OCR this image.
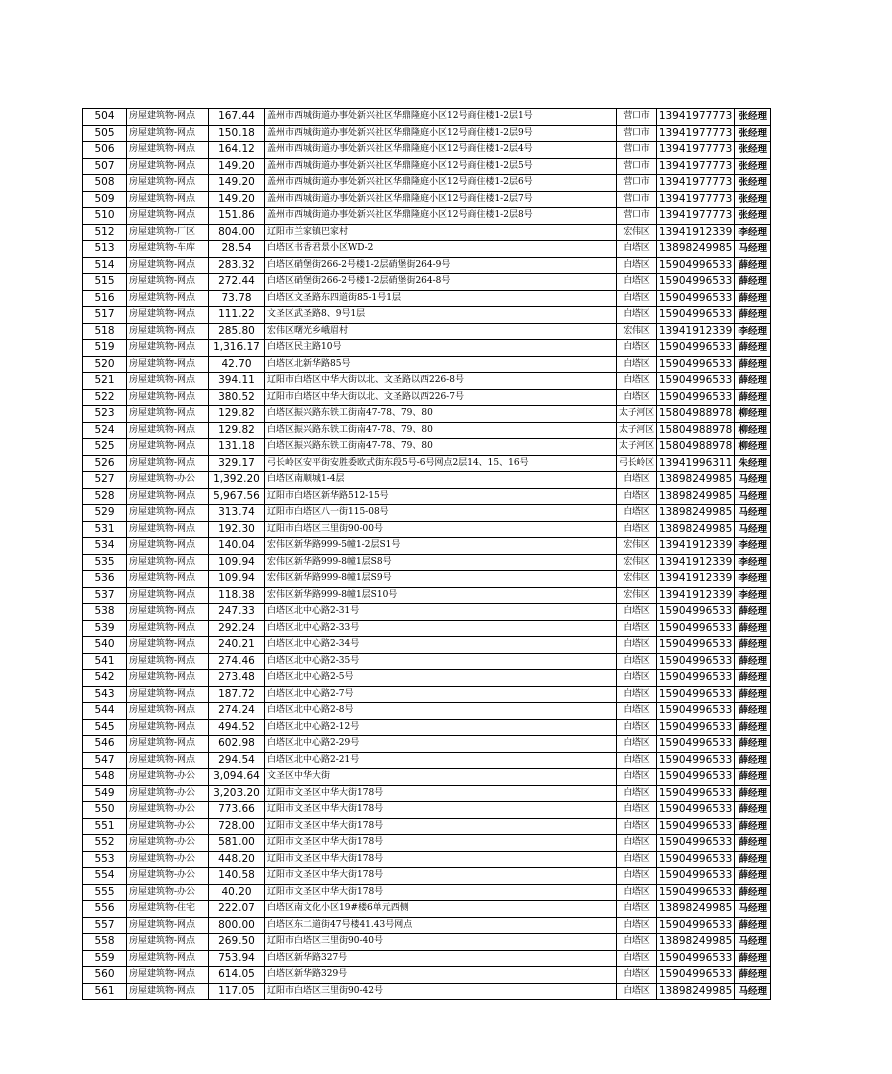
504	房屋建筑物-网点	167.44	盖州市西城街道办事处新兴社区华鼎隆庭小区12号商住楼1-2层1号	营口市	13941977773	张经理
505	房屋建筑物-网点	150.18	盖州市西城街道办事处新兴社区华鼎隆庭小区12号商住楼1-2层9号	营口市	13941977773	张经理
506	房屋建筑物-网点	164.12	盖州市西城街道办事处新兴社区华鼎隆庭小区12号商住楼1-2层4号	营口市	13941977773	张经理
507	房屋建筑物-网点	149.20	盖州市西城街道办事处新兴社区华鼎隆庭小区12号商住楼1-2层5号	营口市	13941977773	张经理
508	房屋建筑物-网点	149.20	盖州市西城街道办事处新兴社区华鼎隆庭小区12号商住楼1-2层6号	营口市	13941977773	张经理
509	房屋建筑物-网点	149.20	盖州市西城街道办事处新兴社区华鼎隆庭小区12号商住楼1-2层7号	营口市	13941977773	张经理
510	房屋建筑物-网点	151.86	盖州市西城街道办事处新兴社区华鼎隆庭小区12号商住楼1-2层8号	营口市	13941977773	张经理
512	房屋建筑物-厂区	804.00	辽阳市兰家镇巴家村	宏伟区	13941912339	李经理
513	房屋建筑物-车库	28.54	白塔区书香君景小区WD-2	白塔区	13898249985	马经理
514	房屋建筑物-网点	283.32	白塔区硝堡街266-2号楼1-2层硝堡街264-9号	白塔区	15904996533	薛经理
515	房屋建筑物-网点	272.44	白塔区硝堡街266-2号楼1-2层硝堡街264-8号	白塔区	15904996533	薛经理
516	房屋建筑物-网点	73.78	白塔区文圣路东四道街85-1号1层	白塔区	15904996533	薛经理
517	房屋建筑物-网点	111.22	文圣区武圣路8、9号1层	白塔区	15904996533	薛经理
518	房屋建筑物-网点	285.80	宏伟区曙光乡峨眉村	宏伟区	13941912339	李经理
519	房屋建筑物-网点	1,316.17	白塔区民主路10号	白塔区	15904996533	薛经理
520	房屋建筑物-网点	42.70	白塔区北新华路85号	白塔区	15904996533	薛经理
521	房屋建筑物-网点	394.11	辽阳市白塔区中华大街以北、文圣路以西226-8号	白塔区	15904996533	薛经理
522	房屋建筑物-网点	380.52	辽阳市白塔区中华大街以北、文圣路以西226-7号	白塔区	15904996533	薛经理
523	房屋建筑物-网点	129.82	白塔区振兴路东铁工街南47-78、79、80	太子河区	15804988978	柳经理
524	房屋建筑物-网点	129.82	白塔区振兴路东铁工街南47-78、79、80	太子河区	15804988978	柳经理
525	房屋建筑物-网点	131.18	白塔区振兴路东铁工街南47-78、79、80	太子河区	15804988978	柳经理
526	房屋建筑物-网点	329.17	弓长岭区安平街安胜委欧式街东段5号-6号网点2层14、15、16号	弓长岭区	13941996311	朱经理
527	房屋建筑物-办公	1,392.20	白塔区南顺城1-4层	白塔区	13898249985	马经理
528	房屋建筑物-网点	5,967.56	辽阳市白塔区新华路512-15号	白塔区	13898249985	马经理
529	房屋建筑物-网点	313.74	辽阳市白塔区八一街115-08号	白塔区	13898249985	马经理
531	房屋建筑物-网点	192.30	辽阳市白塔区三里街90-00号	白塔区	13898249985	马经理
534	房屋建筑物-网点	140.04	宏伟区新华路999-5幢1-2层S1号	宏伟区	13941912339	李经理
535	房屋建筑物-网点	109.94	宏伟区新华路999-8幢1层S8号	宏伟区	13941912339	李经理
536	房屋建筑物-网点	109.94	宏伟区新华路999-8幢1层S9号	宏伟区	13941912339	李经理
537	房屋建筑物-网点	118.38	宏伟区新华路999-8幢1层S10号	宏伟区	13941912339	李经理
538	房屋建筑物-网点	247.33	白塔区北中心路2-31号	白塔区	15904996533	薛经理
539	房屋建筑物-网点	292.24	白塔区北中心路2-33号	白塔区	15904996533	薛经理
540	房屋建筑物-网点	240.21	白塔区北中心路2-34号	白塔区	15904996533	薛经理
541	房屋建筑物-网点	274.46	白塔区北中心路2-35号	白塔区	15904996533	薛经理
542	房屋建筑物-网点	273.48	白塔区北中心路2-5号	白塔区	15904996533	薛经理
543	房屋建筑物-网点	187.72	白塔区北中心路2-7号	白塔区	15904996533	薛经理
544	房屋建筑物-网点	274.24	白塔区北中心路2-8号	白塔区	15904996533	薛经理
545	房屋建筑物-网点	494.52	白塔区北中心路2-12号	白塔区	15904996533	薛经理
546	房屋建筑物-网点	602.98	白塔区北中心路2-29号	白塔区	15904996533	薛经理
547	房屋建筑物-网点	294.54	白塔区北中心路2-21号	白塔区	15904996533	薛经理
548	房屋建筑物-办公	3,094.64	文圣区中华大街	白塔区	15904996533	薛经理
549	房屋建筑物-办公	3,203.20	辽阳市文圣区中华大街178号	白塔区	15904996533	薛经理
550	房屋建筑物-办公	773.66	辽阳市文圣区中华大街178号	白塔区	15904996533	薛经理
551	房屋建筑物-办公	728.00	辽阳市文圣区中华大街178号	白塔区	15904996533	薛经理
552	房屋建筑物-办公	581.00	辽阳市文圣区中华大街178号	白塔区	15904996533	薛经理
553	房屋建筑物-办公	448.20	辽阳市文圣区中华大街178号	白塔区	15904996533	薛经理
554	房屋建筑物-办公	140.58	辽阳市文圣区中华大街178号	白塔区	15904996533	薛经理
555	房屋建筑物-办公	40.20	辽阳市文圣区中华大街178号	白塔区	15904996533	薛经理
556	房屋建筑物-住宅	222.07	白塔区南文化小区19#楼6单元西侧	白塔区	13898249985	马经理
557	房屋建筑物-网点	800.00	白塔区东二道街47号楼41.43号网点	白塔区	15904996533	薛经理
558	房屋建筑物-网点	269.50	辽阳市白塔区三里街90-40号	白塔区	13898249985	马经理
559	房屋建筑物-网点	753.94	白塔区新华路327号	白塔区	15904996533	薛经理
560	房屋建筑物-网点	614.05	白塔区新华路329号	白塔区	15904996533	薛经理
561	房屋建筑物-网点	117.05	辽阳市白塔区三里街90-42号	白塔区	13898249985	马经理
